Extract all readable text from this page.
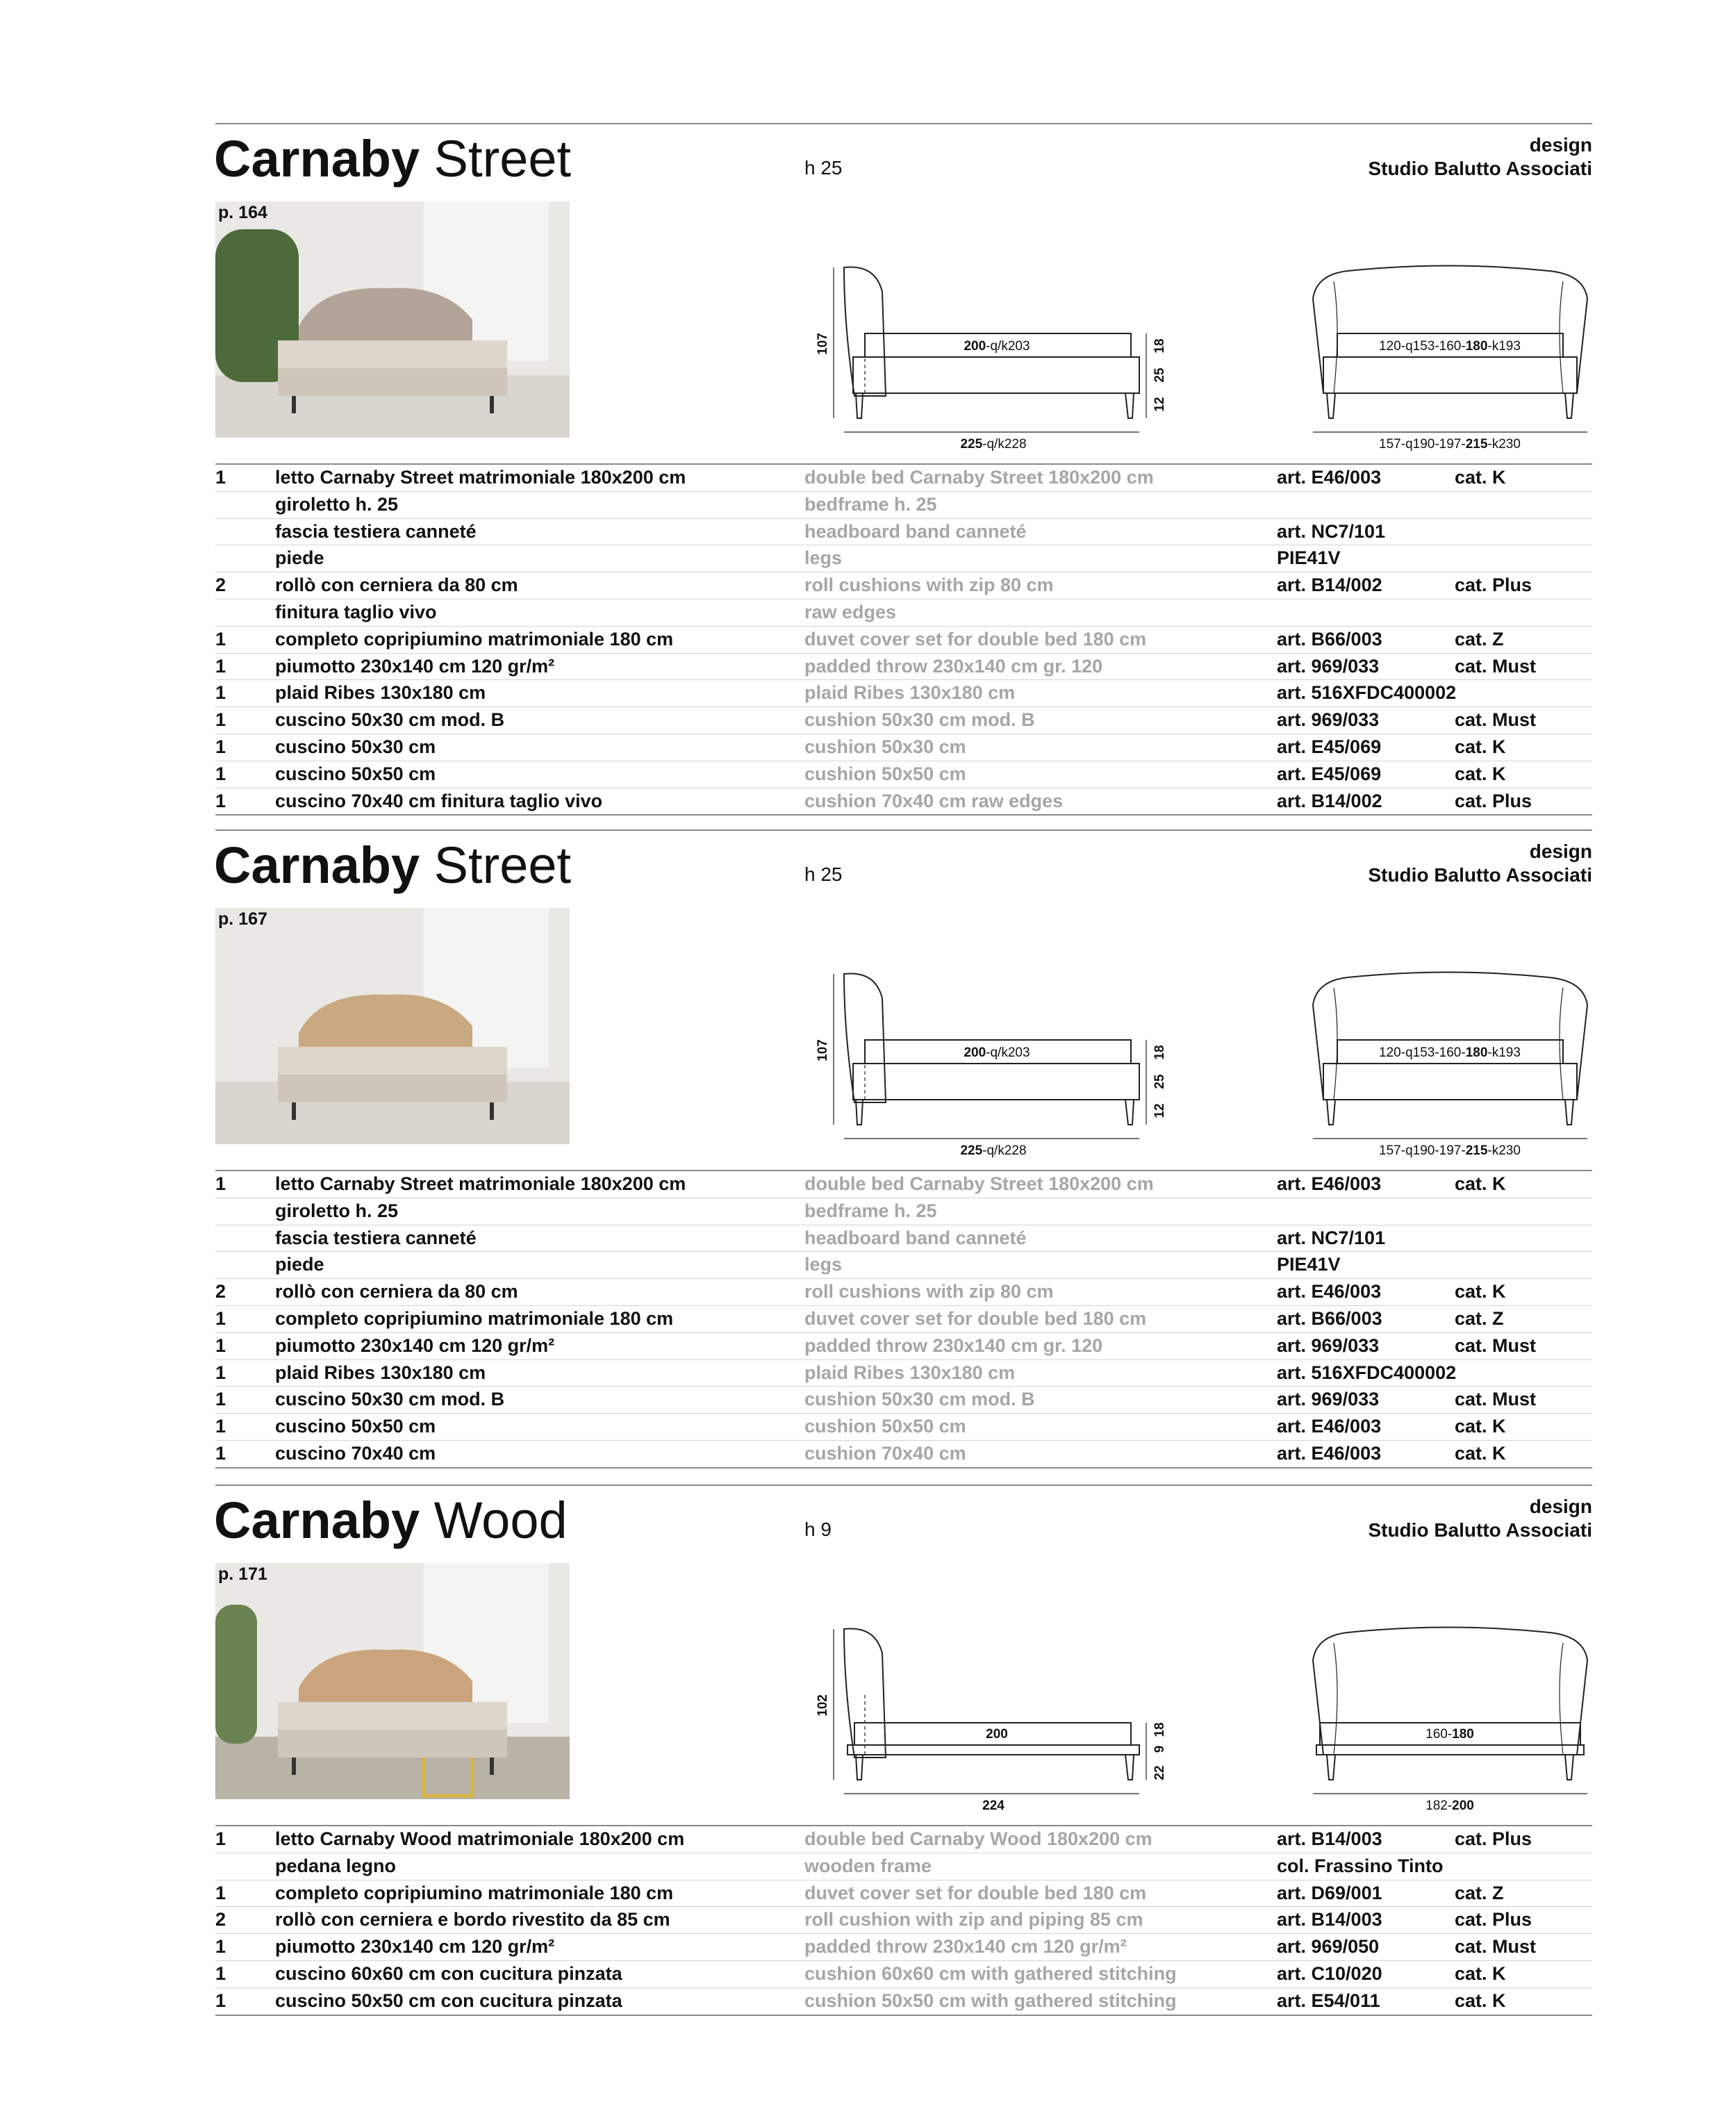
Carnaby Street	h 25
design
Studio Balutto Associati
p. 164
107	200-q/k203
225-q/k228
18
25
12
120-q153-160-180-k193
157-q190-197-215-k230
1	letto Carnaby Street matrimoniale 180x200 cm	double bed Carnaby Street 180x200 cm	art. E46/003	cat. K
giroletto h. 25	bedframe h. 25
fascia testiera canneté	headboard band canneté	art. NC7/101
piede	legs	PIE41V
2	rollò con cerniera da 80 cm	roll cushions with zip 80 cm	art. B14/002	cat. Plus
finitura taglio vivo	raw edges
1	completo copripiumino matrimoniale 180 cm	duvet cover set for double bed 180 cm	art. B66/003	cat. Z
1	piumotto 230x140 cm 120 gr/m²	padded throw 230x140 cm gr. 120	art. 969/033	cat. Must
1	plaid Ribes 130x180 cm	plaid Ribes 130x180 cm	art. 516XFDC400002
1	cuscino 50x30 cm mod. B	cushion 50x30 cm mod. B	art. 969/033	cat. Must
1	cuscino 50x30 cm	cushion 50x30 cm	art. E45/069	cat. K
1	cuscino 50x50 cm	cushion 50x50 cm	art. E45/069	cat. K
1	cuscino 70x40 cm finitura taglio vivo	cushion 70x40 cm raw edges	art. B14/002	cat. Plus
Carnaby Street	h 25
design
Studio Balutto Associati
p. 167
107	200-q/k203
225-q/k228
18
25
12
120-q153-160-180-k193
157-q190-197-215-k230
1	letto Carnaby Street matrimoniale 180x200 cm	double bed Carnaby Street 180x200 cm	art. E46/003	cat. K
giroletto h. 25	bedframe h. 25
fascia testiera canneté	headboard band canneté	art. NC7/101
piede	legs	PIE41V
2	rollò con cerniera da 80 cm	roll cushions with zip 80 cm	art. E46/003	cat. K
1	completo copripiumino matrimoniale 180 cm	duvet cover set for double bed 180 cm	art. B66/003	cat. Z
1	piumotto 230x140 cm 120 gr/m²	padded throw 230x140 cm gr. 120	art. 969/033	cat. Must
1	plaid Ribes 130x180 cm	plaid Ribes 130x180 cm	art. 516XFDC400002
1	cuscino 50x30 cm mod. B	cushion 50x30 cm mod. B	art. 969/033	cat. Must
1	cuscino 50x50 cm	cushion 50x50 cm	art. E46/003	cat. K
1	cuscino 70x40 cm	cushion 70x40 cm	art. E46/003	cat. K
Carnaby Wood	h 9
design
Studio Balutto Associati
p. 171
102
200
224
18
9
22
160-180
182-200
1	letto Carnaby Wood matrimoniale 180x200 cm	double bed Carnaby Wood 180x200 cm	art. B14/003	cat. Plus
pedana legno	wooden frame	col. Frassino Tinto
1	completo copripiumino matrimoniale 180 cm	duvet cover set for double bed 180 cm	art. D69/001	cat. Z
2	rollò con cerniera e bordo rivestito da 85 cm	roll cushion with zip and piping 85 cm	art. B14/003	cat. Plus
1	piumotto 230x140 cm 120 gr/m²	padded throw 230x140 cm 120 gr/m²	art. 969/050	cat. Must
1	cuscino 60x60 cm con cucitura pinzata	cushion 60x60 cm with gathered stitching	art. C10/020	cat. K
1	cuscino 50x50 cm con cucitura pinzata	cushion 50x50 cm with gathered stitching	art. E54/011	cat. K
